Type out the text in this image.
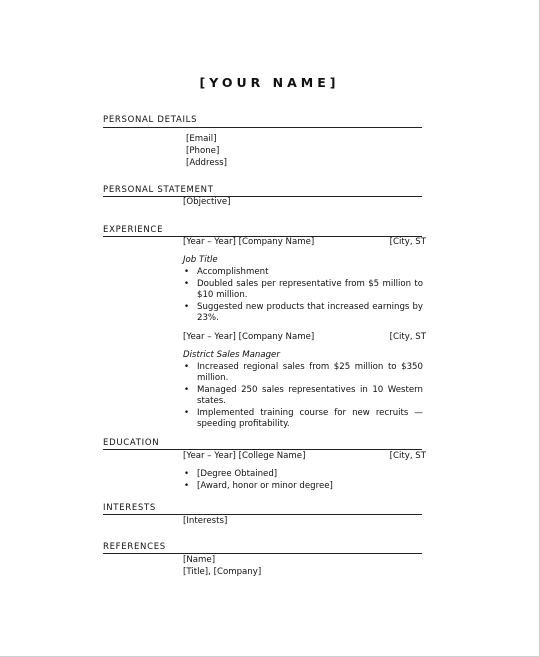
[YOUR NAME]
PERSONAL DETAILS
[Email]
[Phone]
[Address]
PERSONAL STATEMENT
[Objective]
EXPERIENCE
[Year – Year] [Company Name]	[City, ST
Job Title
• Accomplishment
• Doubled sales per representative from $5 million to $10 million.
• Suggested new products that increased earnings by 23%.
[Year – Year] [Company Name]	[City, ST
District Sales Manager
• Increased regional sales from $25 million to $350 million.
• Managed 250 sales representatives in 10 Western states.
• Implemented training course for new recruits — speeding profitability.
EDUCATION
[Year – Year] [College Name]	[City, ST
• [Degree Obtained]
• [Award, honor or minor degree]
INTERESTS
[Interests]
REFERENCES
[Name]
[Title], [Company]
